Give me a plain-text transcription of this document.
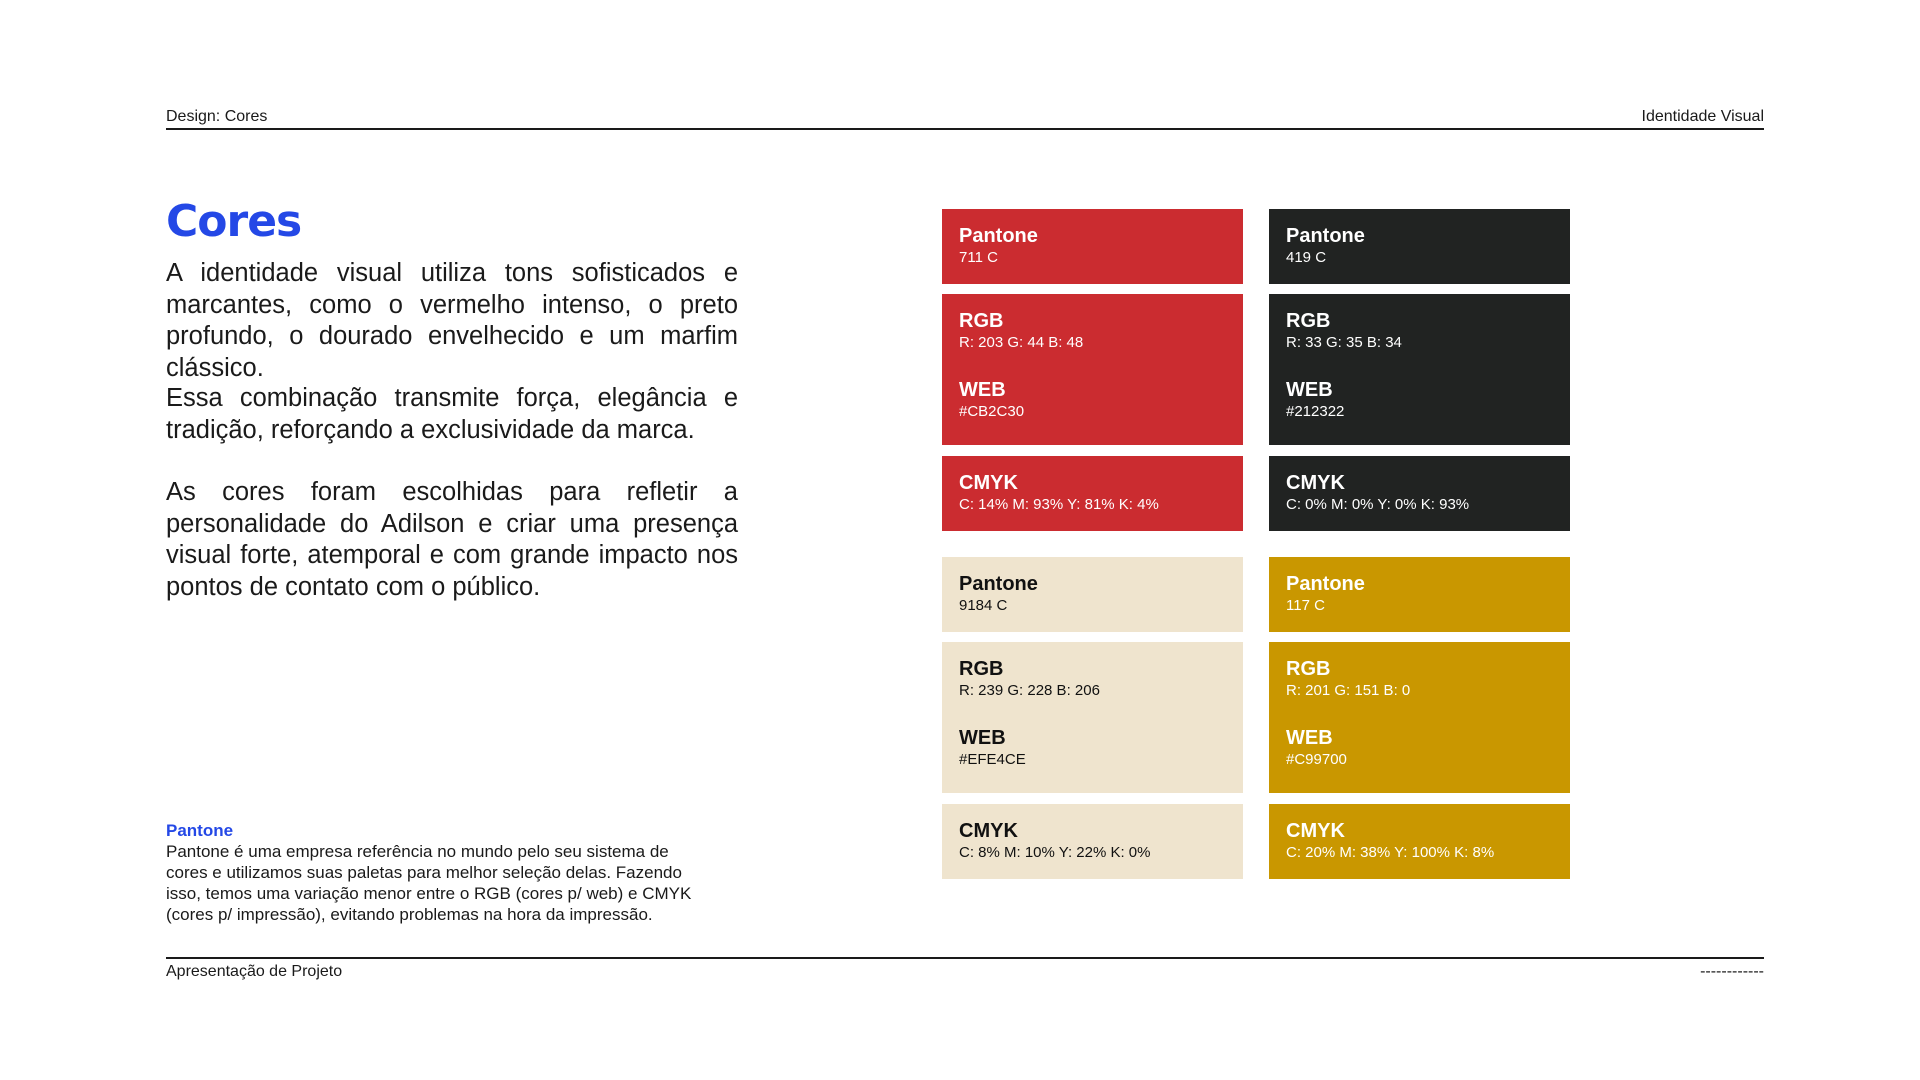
Design: Cores	Identidade Visual
Cores

A identidade visual utiliza tons sofisticados e marcantes, como o vermelho intenso, o preto profundo, o dourado envelhecido e um marfim clássico.

Essa combinação transmite força, elegância e tradição, reforçando a exclusividade da marca.

As cores foram escolhidas para refletir a personalidade do Adilson e criar uma presença visual forte, atemporal e com grande impacto nos pontos de contato com o público.

Pantone
Pantone é uma empresa referência no mundo pelo seu sistema de cores e utilizamos suas paletas para melhor seleção delas. Fazendo isso, temos uma variação menor entre o RGB (cores p/ web) e CMYK (cores p/ impressão), evitando problemas na hora da impressão.
Pantone
711 C
RGB
R: 203 G: 44 B: 48
WEB
#CB2C30
CMYK
C: 14% M: 93% Y: 81% K: 4%
Pantone
419 C
RGB
R: 33 G: 35 B: 34
WEB
#212322
CMYK
C: 0% M: 0% Y: 0% K: 93%
Pantone
9184 C
RGB
R: 239 G: 228 B: 206
WEB
#EFE4CE
CMYK
C: 8% M: 10% Y: 22% K: 0%
Pantone
117 C
RGB
R: 201 G: 151 B: 0
WEB
#C99700
CMYK
C: 20% M: 38% Y: 100% K: 8%
Apresentação de Projeto	------------
